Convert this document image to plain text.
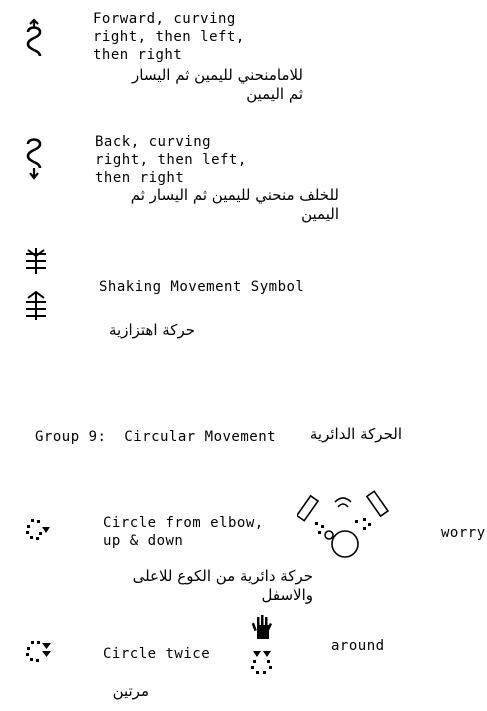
Forward, curving
right, then left,
then right
للامامنحني لليمين ثم اليسار
ثم اليمين
Back, curving
right, then left,
then right
للخلف منحني لليمين ثم اليسار ثم
اليمين
Shaking Movement Symbol
حركة اهتزازية
Group 9:  Circular Movement الحركة الدائرية
Circle from elbow,
up & down
حركة دائرية من الكوع للاعلى
والاسفل
worry
Circle twice
مرتين
around
